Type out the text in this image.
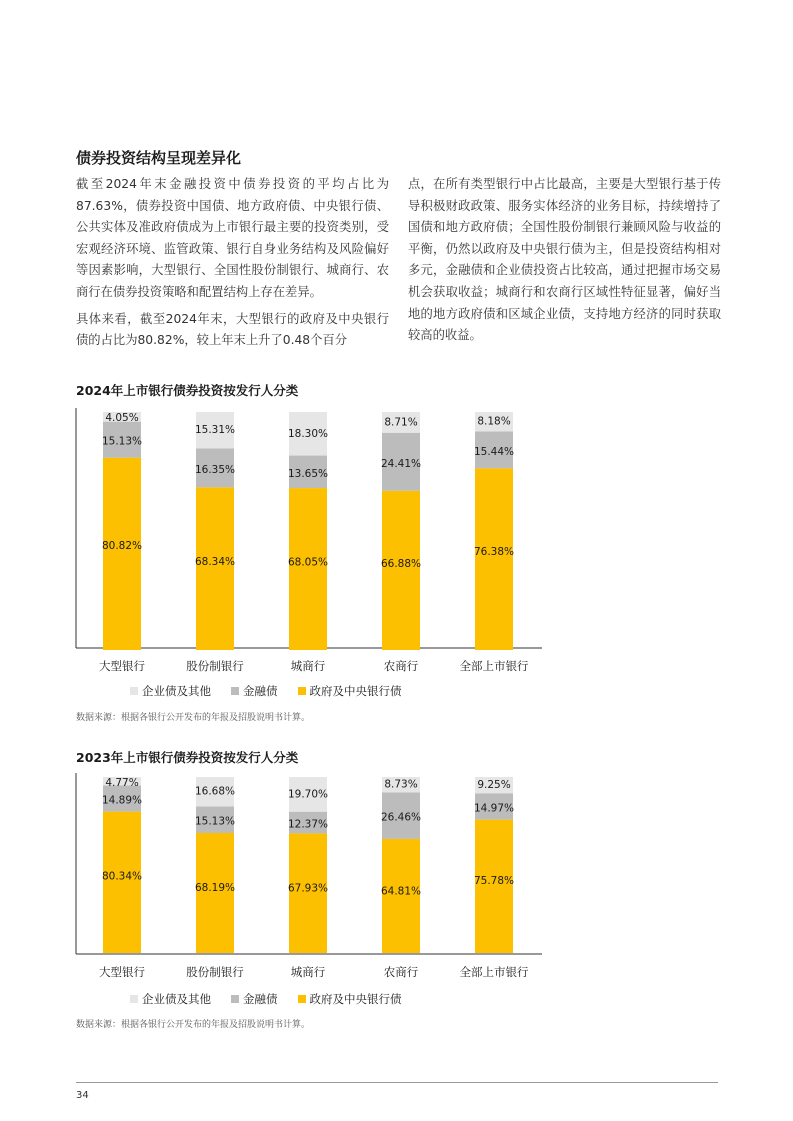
债券投资结构呈现差异化

截至2024年末金融投资中债券投资的平均占比为87.63%，债券投资中国债、地方政府债、中央银行债、公共实体及准政府债成为上市银行最主要的投资类别，受宏观经济环境、监管政策、银行自身业务结构及风险偏好等因素影响，大型银行、全国性股份制银行、城商行、农商行在债券投资策略和配置结构上存在差异。

具体来看，截至2024年末，大型银行的政府及中央银行债的占比为80.82%，较上年末上升了0.48个百分

点，在所有类型银行中占比最高，主要是大型银行基于传导积极财政政策、服务实体经济的业务目标，持续增持了国债和地方政府债；全国性股份制银行兼顾风险与收益的平衡，仍然以政府及中央银行债为主，但是投资结构相对多元，金融债和企业债投资占比较高，通过把握市场交易机会获取收益；城商行和农商行区域性特征显著，偏好当地的地方政府债和区域企业债，支持地方经济的同时获取较高的收益。

2024年上市银行债券投资按发行人分类
80.82%
15.13%
4.05%
大型银行
68.34%
16.35%
15.31%
股份制银行
68.05%
13.65%
18.30%
城商行
66.88%
24.41%
8.71%
农商行
76.38%
15.44%
8.18%
全部上市银行
企业债及其他	金融债	政府及中央银行债
数据来源：根据各银行公开发布的年报及招股说明书计算。
2023年上市银行债券投资按发行人分类
80.34%
14.89%
4.77%
大型银行
68.19%
15.13%
16.68%
股份制银行
67.93%
12.37%
19.70%
城商行
64.81%
26.46%
8.73%
农商行
75.78%
14.97%
9.25%
全部上市银行
企业债及其他	金融债	政府及中央银行债
数据来源：根据各银行公开发布的年报及招股说明书计算。
34
